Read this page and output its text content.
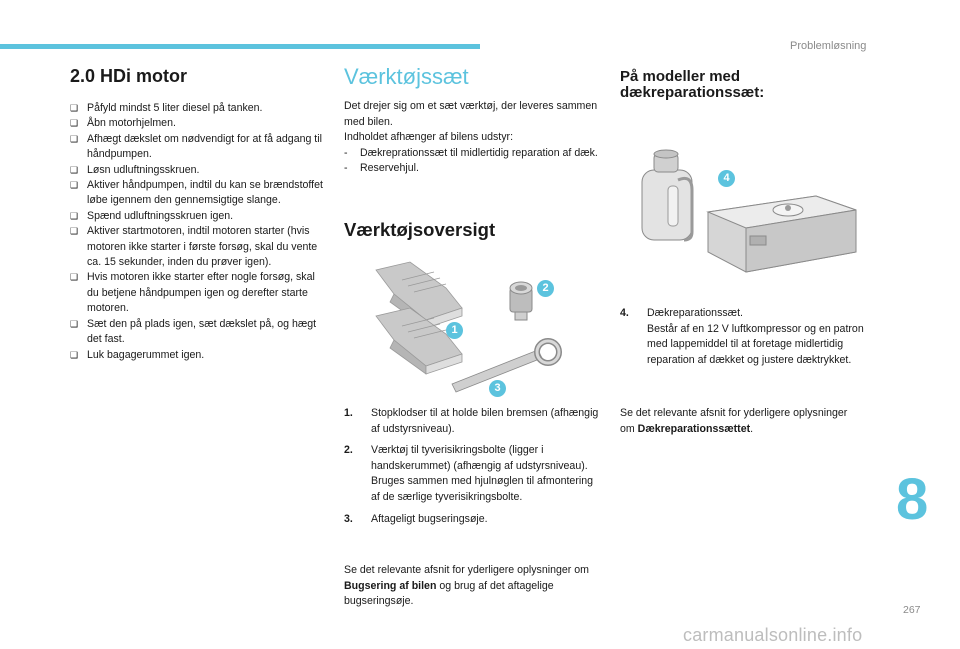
Problemløsning
2.0 HDi motor
❑ Påfyld mindst 5 liter diesel på tanken.
❑ Åbn motorhjelmen.
❑ Afhægt dækslet om nødvendigt for at få adgang til håndpumpen.
❑ Løsn udluftningsskruen.
❑ Aktiver håndpumpen, indtil du kan se brændstoffet løbe igennem den gennemsigtige slange.
❑ Spænd udluftningsskruen igen.
❑ Aktiver startmotoren, indtil motoren starter (hvis motoren ikke starter i første forsøg, skal du vente ca. 15 sekunder, inden du prøver igen).
❑ Hvis motoren ikke starter efter nogle forsøg, skal du betjene håndpumpen igen og derefter starte motoren.
❑ Sæt den på plads igen, sæt dækslet på, og hægt det fast.
❑ Luk bagagerummet igen.
Værktøjssæt
Det drejer sig om et sæt værktøj, der leveres sammen med bilen.
Indholdet afhænger af bilens udstyr:
- Dækreprationssæt til midlertidig reparation af dæk.
- Reservehjul.
Værktøjsoversigt
1
2
3
1. Stopklodser til at holde bilen bremsen (afhængig af udstyrsniveau).
2. Værktøj til tyverisikringsbolte (ligger i handskerummet) (afhængig af udstyrsniveau).
Bruges sammen med hjulnøglen til afmontering af de særlige tyverisikringsbolte.
3. Aftageligt bugseringsøje.
Se det relevante afsnit for yderligere oplysninger om Bugsering af bilen og brug af det aftagelige bugseringsøje.
På modeller med dækreparationssæt:
4
4. Dækreparationssæt.
Består af en 12 V luftkompressor og en patron med lappemiddel til at foretage midlertidig reparation af dækket og justere dæktrykket.
Se det relevante afsnit for yderligere oplysninger om Dækreparationssættet.
8
267
carmanualsonline.info
